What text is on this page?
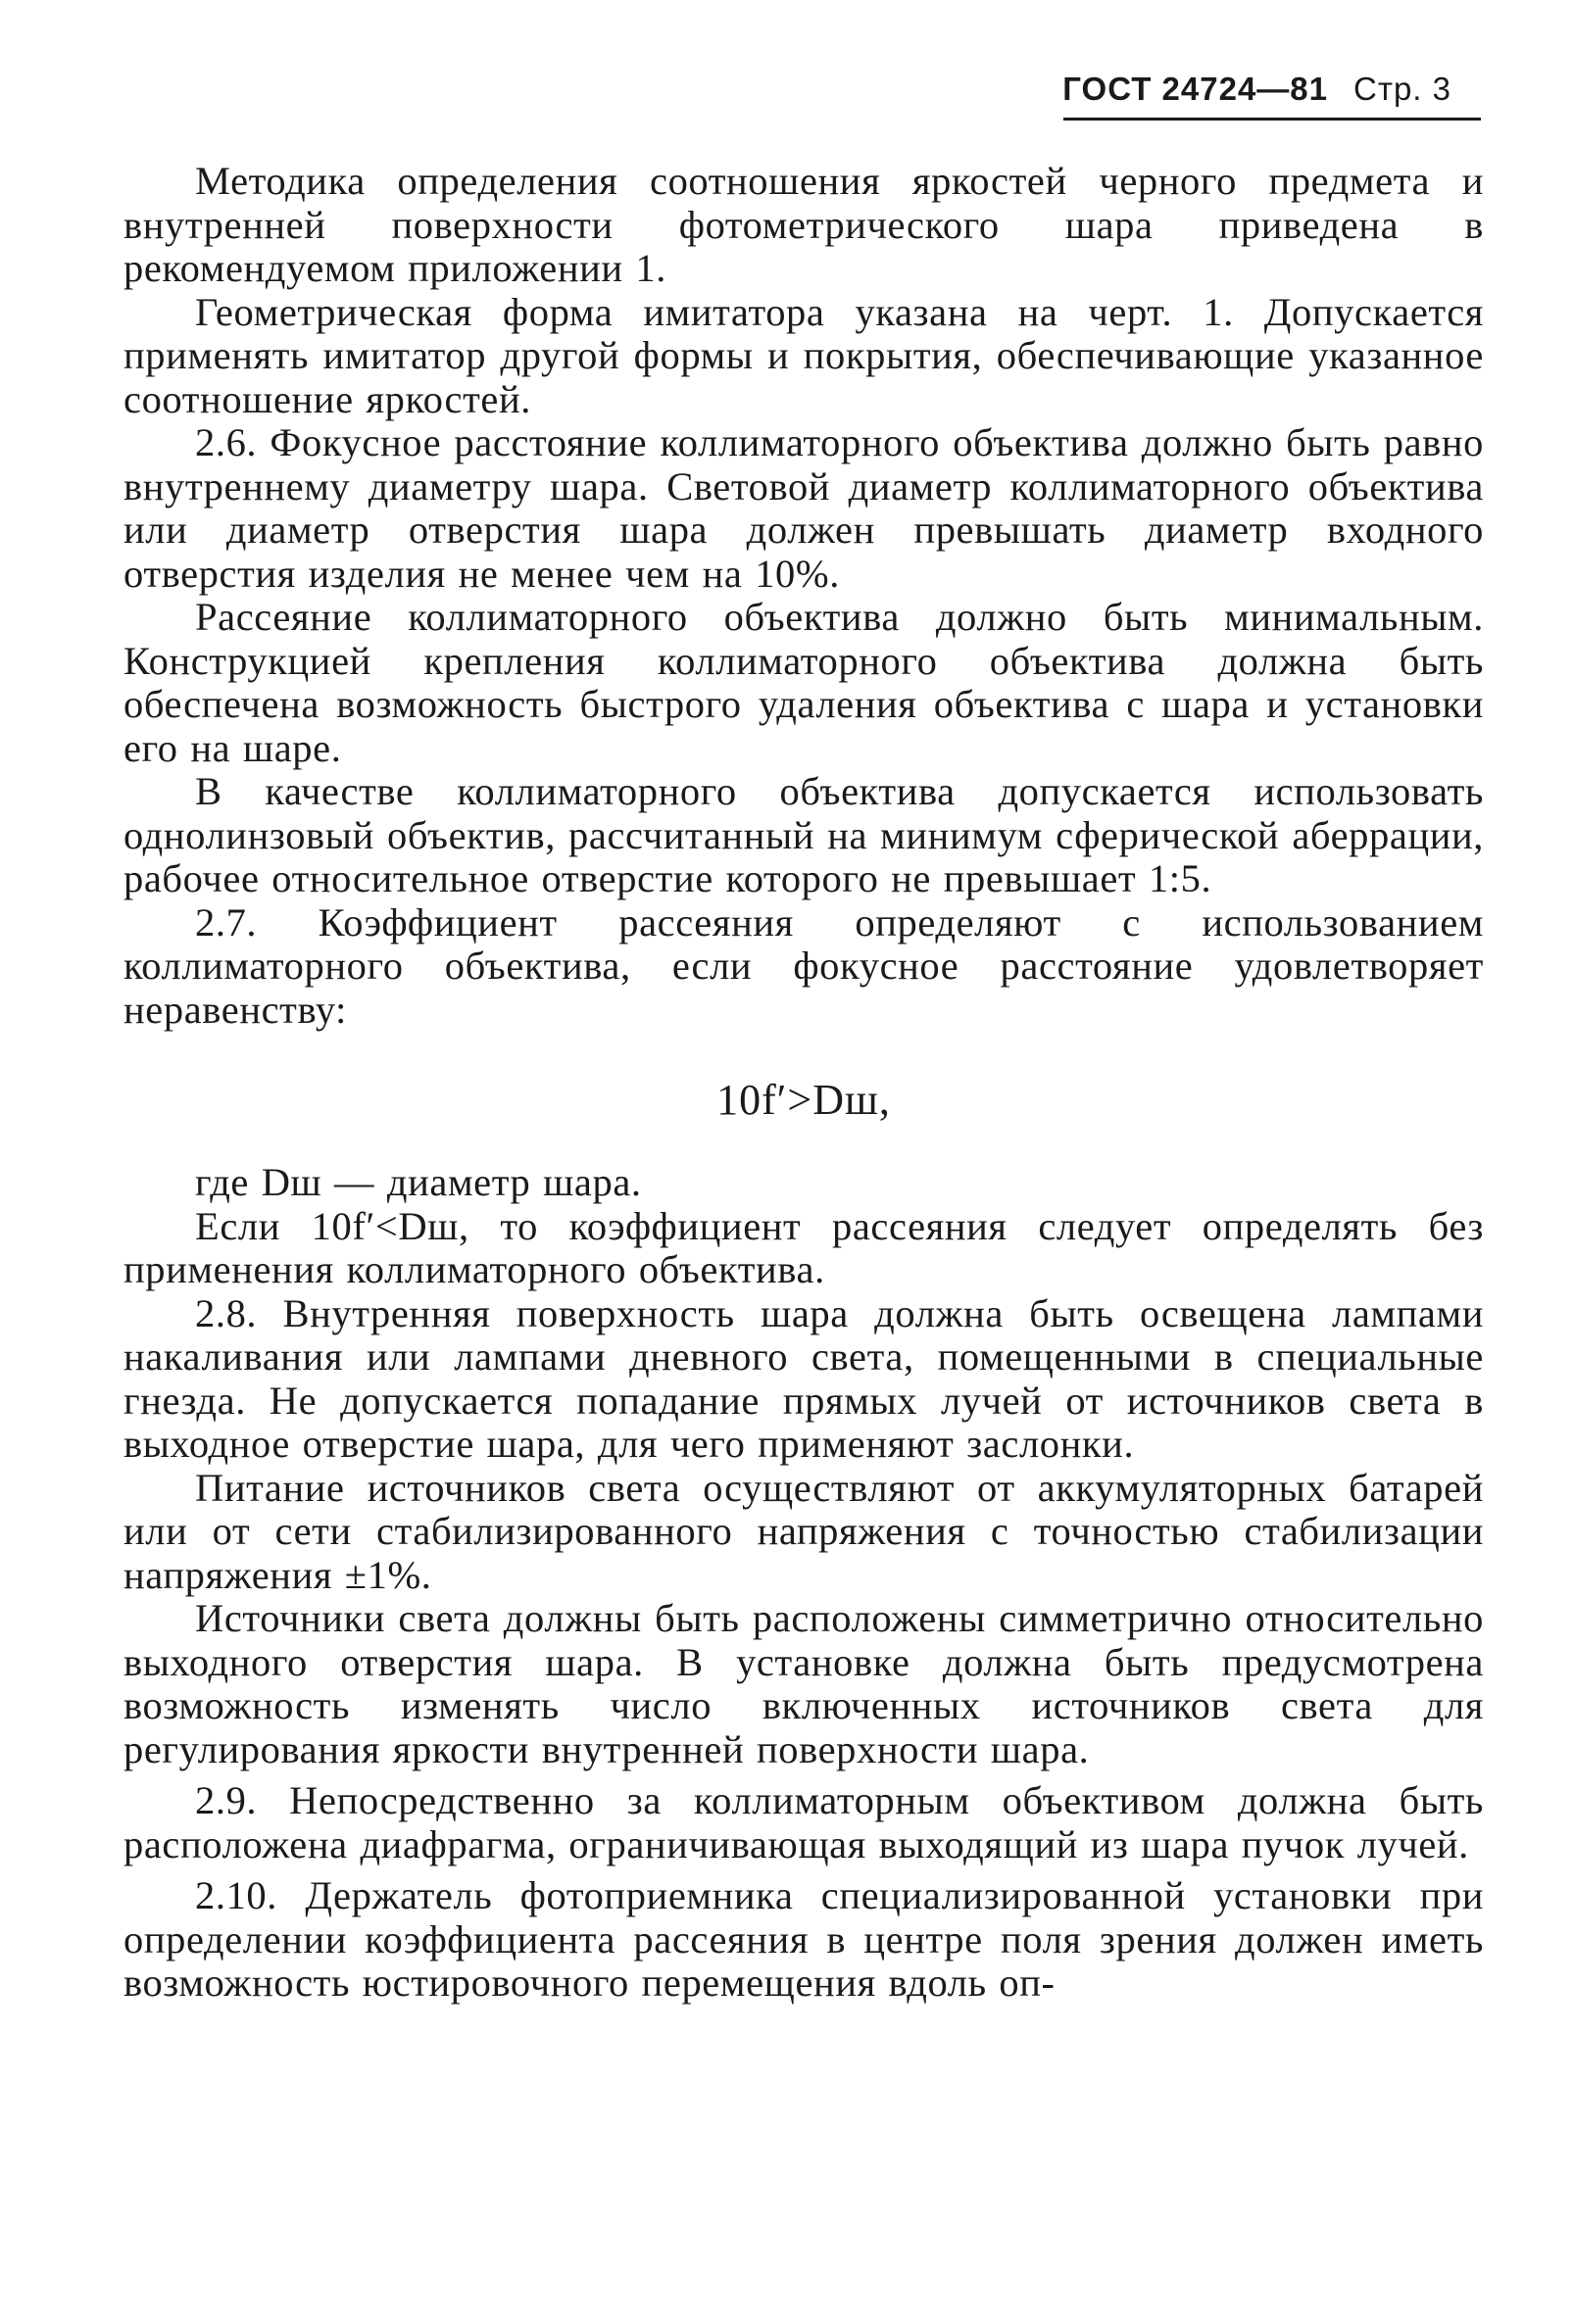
ГОСТ 24724—81 Стр. 3

Методика определения соотношения яркостей черного предмета и внутренней поверхности фотометрического шара приведена в рекомендуемом приложении 1.

Геометрическая форма имитатора указана на черт. 1. Допускается применять имитатор другой формы и покрытия, обеспечивающие указанное соотношение яркостей.

2.6. Фокусное расстояние коллиматорного объектива должно быть равно внутреннему диаметру шара. Световой диаметр коллиматорного объектива или диаметр отверстия шара должен превышать диаметр входного отверстия изделия не менее чем на 10%.

Рассеяние коллиматорного объектива должно быть минимальным. Конструкцией крепления коллиматорного объектива должна быть обеспечена возможность быстрого удаления объектива с шара и установки его на шаре.

В качестве коллиматорного объектива допускается использовать однолинзовый объектив, рассчитанный на минимум сферической аберрации, рабочее относительное отверстие которого не превышает 1:5.

2.7. Коэффициент рассеяния определяют с использованием коллиматорного объектива, если фокусное расстояние удовлетворяет неравенству:

10f′>Dш,

где Dш — диаметр шара.

Если 10f′<Dш, то коэффициент рассеяния следует определять без применения коллиматорного объектива.

2.8. Внутренняя поверхность шара должна быть освещена лампами накаливания или лампами дневного света, помещенными в специальные гнезда. Не допускается попадание прямых лучей от источников света в выходное отверстие шара, для чего применяют заслонки.

Питание источников света осуществляют от аккумуляторных батарей или от сети стабилизированного напряжения с точностью стабилизации напряжения ±1%.

Источники света должны быть расположены симметрично относительно выходного отверстия шара. В установке должна быть предусмотрена возможность изменять число включенных источников света для регулирования яркости внутренней поверхности шара.

2.9. Непосредственно за коллиматорным объективом должна быть расположена диафрагма, ограничивающая выходящий из шара пучок лучей.

2.10. Держатель фотоприемника специализированной установки при определении коэффициента рассеяния в центре поля зрения должен иметь возможность юстировочного перемещения вдоль оп-
